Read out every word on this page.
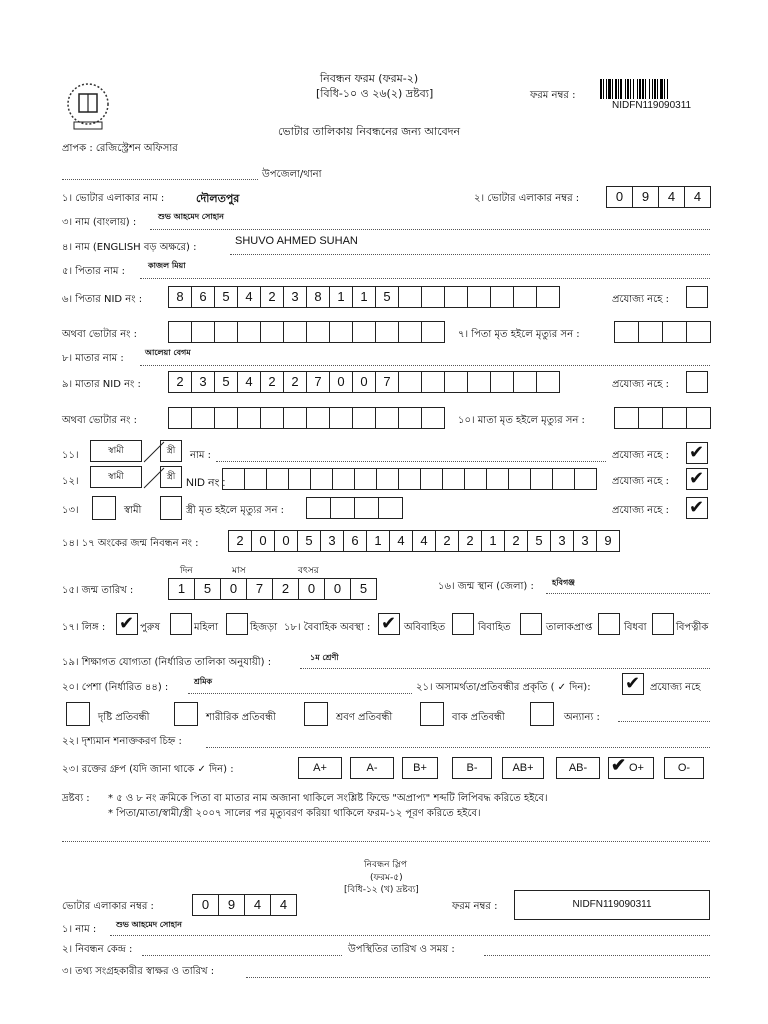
নিবন্ধন ফরম (ফরম-২)
[বিধি-১০ ও ২৬(২) দ্রষ্টব্য]	ফরম নম্বর :
NIDFN119090311
ভোটার তালিকায় নিবন্ধনের জন্য আবেদন
প্রাপক : রেজিস্ট্রেশন অফিসার
উপজেলা/থানা
১। ভোটার এলাকার নাম :	দৌলতপুর	২। ভোটার এলাকার নম্বর :	0	9	4	4
৩। নাম (বাংলায়) :
শুভ আহমেদ সোহান
৪। নাম (ENGLISH বড় অক্ষরে) :
SHUVO AHMED SUHAN
৫। পিতার নাম :
কাজল মিয়া
৬। পিতার NID নং :	8	6	5	4	2	3	8	1	1	5	প্রযোজ্য নহে :
অথবা ভোটার নং :	৭। পিতা মৃত হইলে মৃত্যুর সন :
৮। মাতার নাম :
আলেয়া বেগম
৯। মাতার NID নং :	2	3	5	4	2	2	7	0	0	7	প্রযোজ্য নহে :
অথবা ভোটার নং :	১০। মাতা মৃত হইলে মৃত্যুর সন :
১১।	স্বামী	স্ত্রী	নাম :	প্রযোজ্য নহে : ✔
১২।	স্বামী	স্ত্রী NID নং :	প্রযোজ্য নহে : ✔
১৩।	স্বামী	স্ত্রী মৃত হইলে মৃত্যুর সন :	প্রযোজ্য নহে : ✔
১৪। ১৭ অংকের জন্ম নিবন্ধন নং :	2	0	0	5	3	6	1	4	4	2	2	1	2	5	3	3	9
দিন	মাস	বৎসর
১৫। জন্ম তারিখ :	1	5	0	7	2	0	0	5	১৬। জন্ম স্থান (জেলা) : হবিগঞ্জ
১৭। লিঙ্গ : ✔ পুরুষ	মহিলা	হিজড়া ১৮। বৈবাহিক অবস্থা : ✔ অবিবাহিত	বিবাহিত	তালাকপ্রাপ্ত	বিধবা	বিপত্নীক
১৯। শিক্ষাগত যোগ্যতা (নির্ধারিত তালিকা অনুযায়ী) :	১ম শ্রেণী
২০। পেশা (নির্ধারিত ৪৪) :
শ্রমিক
২১। অসামর্থতা/প্রতিবন্ধীর প্রকৃতি ( ✓ দিন): ✔ প্রযোজ্য নহে
দৃষ্টি প্রতিবন্ধী	শারীরিক প্রতিবন্ধী	শ্রবণ প্রতিবন্ধী	বাক প্রতিবন্ধী	অন্যান্য :
২২। দৃশ্যমান শনাক্তকরণ চিহ্ন :
২৩। রক্তের গ্রুপ (যদি জানা থাকে ✓ দিন) :	A+	A-	B+	B-	AB+	AB-	✔ O+	O-
দ্রষ্টব্য : * ৫ ও ৮ নং ক্রমিকে পিতা বা মাতার নাম অজানা থাকিলে সংশ্লিষ্ট ফিল্ডে "অপ্রাপ্য" শব্দটি লিপিবদ্ধ করিতে হইবে।
* পিতা/মাতা/স্বামী/স্ত্রী ২০০৭ সালের পর মৃত্যুবরণ করিয়া থাকিলে ফরম-১২ পূরণ করিতে হইবে।
নিবন্ধন স্লিপ
(ফরম-৫)
[বিধি-১২ (খ) দ্রষ্টব্য]
ভোটার এলাকার নম্বর :	0	9	4	4	ফরম নম্বর :	NIDFN119090311
১। নাম : শুভ আহমেদ সোহান
২। নিবন্ধন কেন্দ্র :	উপস্থিতির তারিখ ও সময় :
৩। তথ্য সংগ্রহকারীর স্বাক্ষর ও তারিখ :
